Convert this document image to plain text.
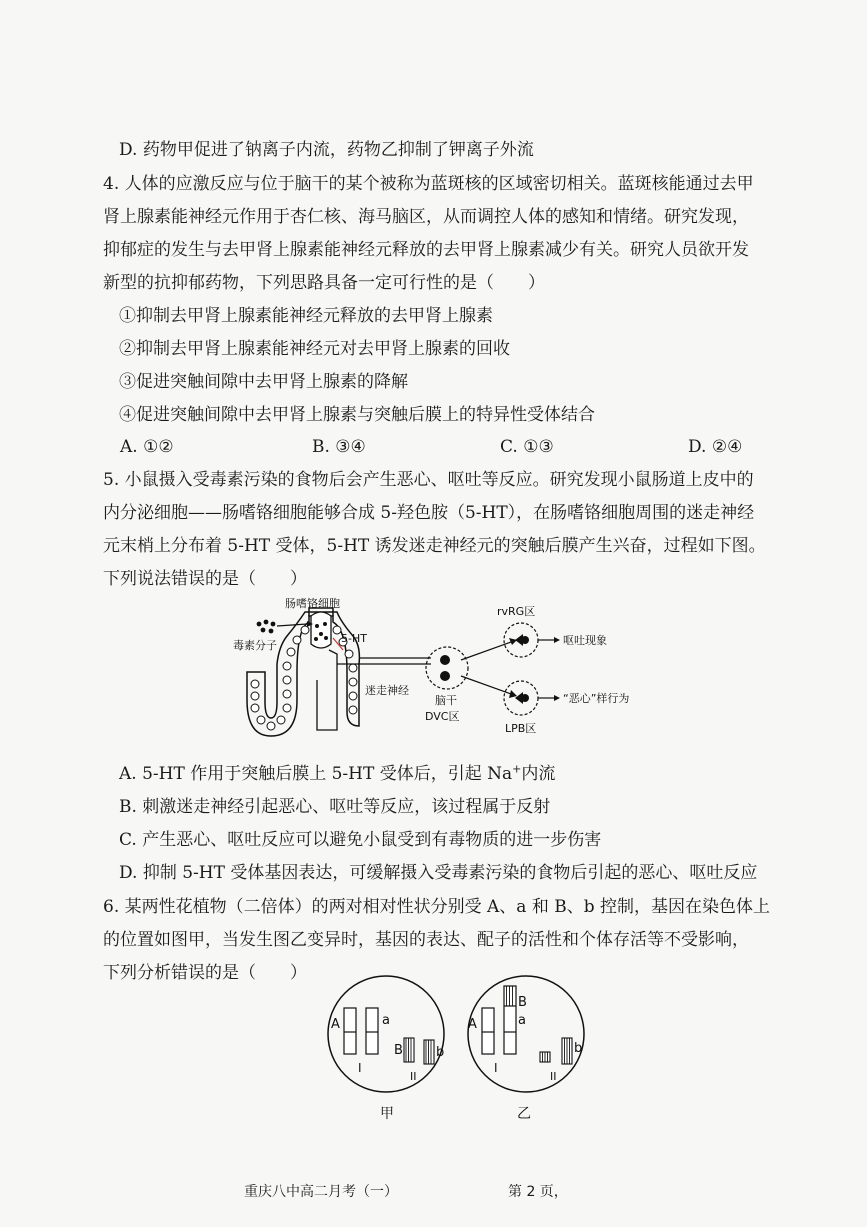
D. 药物甲促进了钠离子内流，药物乙抑制了钾离子外流
4. 人体的应激反应与位于脑干的某个被称为蓝斑核的区域密切相关。蓝斑核能通过去甲
肾上腺素能神经元作用于杏仁核、海马脑区，从而调控人体的感知和情绪。研究发现，
抑郁症的发生与去甲肾上腺素能神经元释放的去甲肾上腺素减少有关。研究人员欲开发
新型的抗抑郁药物，下列思路具备一定可行性的是（　　）
①抑制去甲肾上腺素能神经元释放的去甲肾上腺素
②抑制去甲肾上腺素能神经元对去甲肾上腺素的回收
③促进突触间隙中去甲肾上腺素的降解
④促进突触间隙中去甲肾上腺素与突触后膜上的特异性受体结合
A. ①②	B. ③④	C. ①③	D. ②④
5. 小鼠摄入受毒素污染的食物后会产生恶心、呕吐等反应。研究发现小鼠肠道上皮中的
内分泌细胞——肠嗜铬细胞能够合成 5-羟色胺（5-HT），在肠嗜铬细胞周围的迷走神经
元末梢上分布着 5-HT 受体，5-HT 诱发迷走神经元的突触后膜产生兴奋，过程如下图。
下列说法错误的是（　　）
肠嗜铬细胞
毒素分子
5-HT
迷走神经
脑干
DVC区
rvRG区
呕吐现象
“恶心”样行为
LPB区
A. 5-HT 作用于突触后膜上 5-HT 受体后，引起 Na+内流
B. 刺激迷走神经引起恶心、呕吐等反应，该过程属于反射
C. 产生恶心、呕吐反应可以避免小鼠受到有毒物质的进一步伤害
D. 抑制 5-HT 受体基因表达，可缓解摄入受毒素污染的食物后引起的恶心、呕吐反应
6. 某两性花植物（二倍体）的两对相对性状分别受 A、a 和 B、b 控制，基因在染色体上
的位置如图甲，当发生图乙变异时，基因的表达、配子的活性和个体存活等不受影响，
下列分析错误的是（　　）
A	a
B	b
I
II
甲
A
B
a
b
I
II
乙
重庆八中高二月考（一）	第 2 页，
